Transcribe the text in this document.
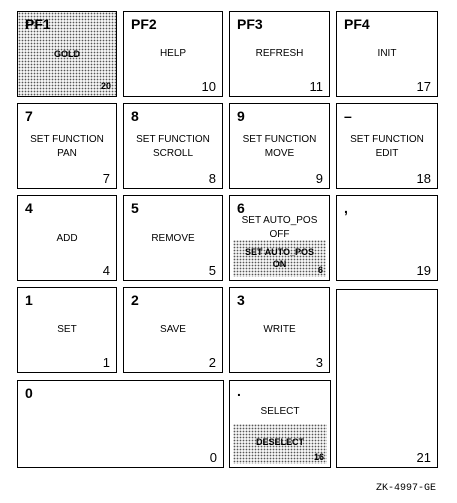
PF1
GOLD
20
PF2
HELP
10
PF3
REFRESH
11
PF4
INIT
17
7
SET FUNCTION
PAN
7
8
SET FUNCTION
SCROLL
8
9
SET FUNCTION
MOVE
9
–
SET FUNCTION
EDIT
18
4
ADD
4
5
REMOVE
5
6
SET AUTO_POS
OFF
SET AUTO_POS
ON
6
,
19
1
SET
1
2
SAVE
2
3
WRITE
3
21
0
0
.
SELECT
DESELECT
16
ZK-4997-GE
